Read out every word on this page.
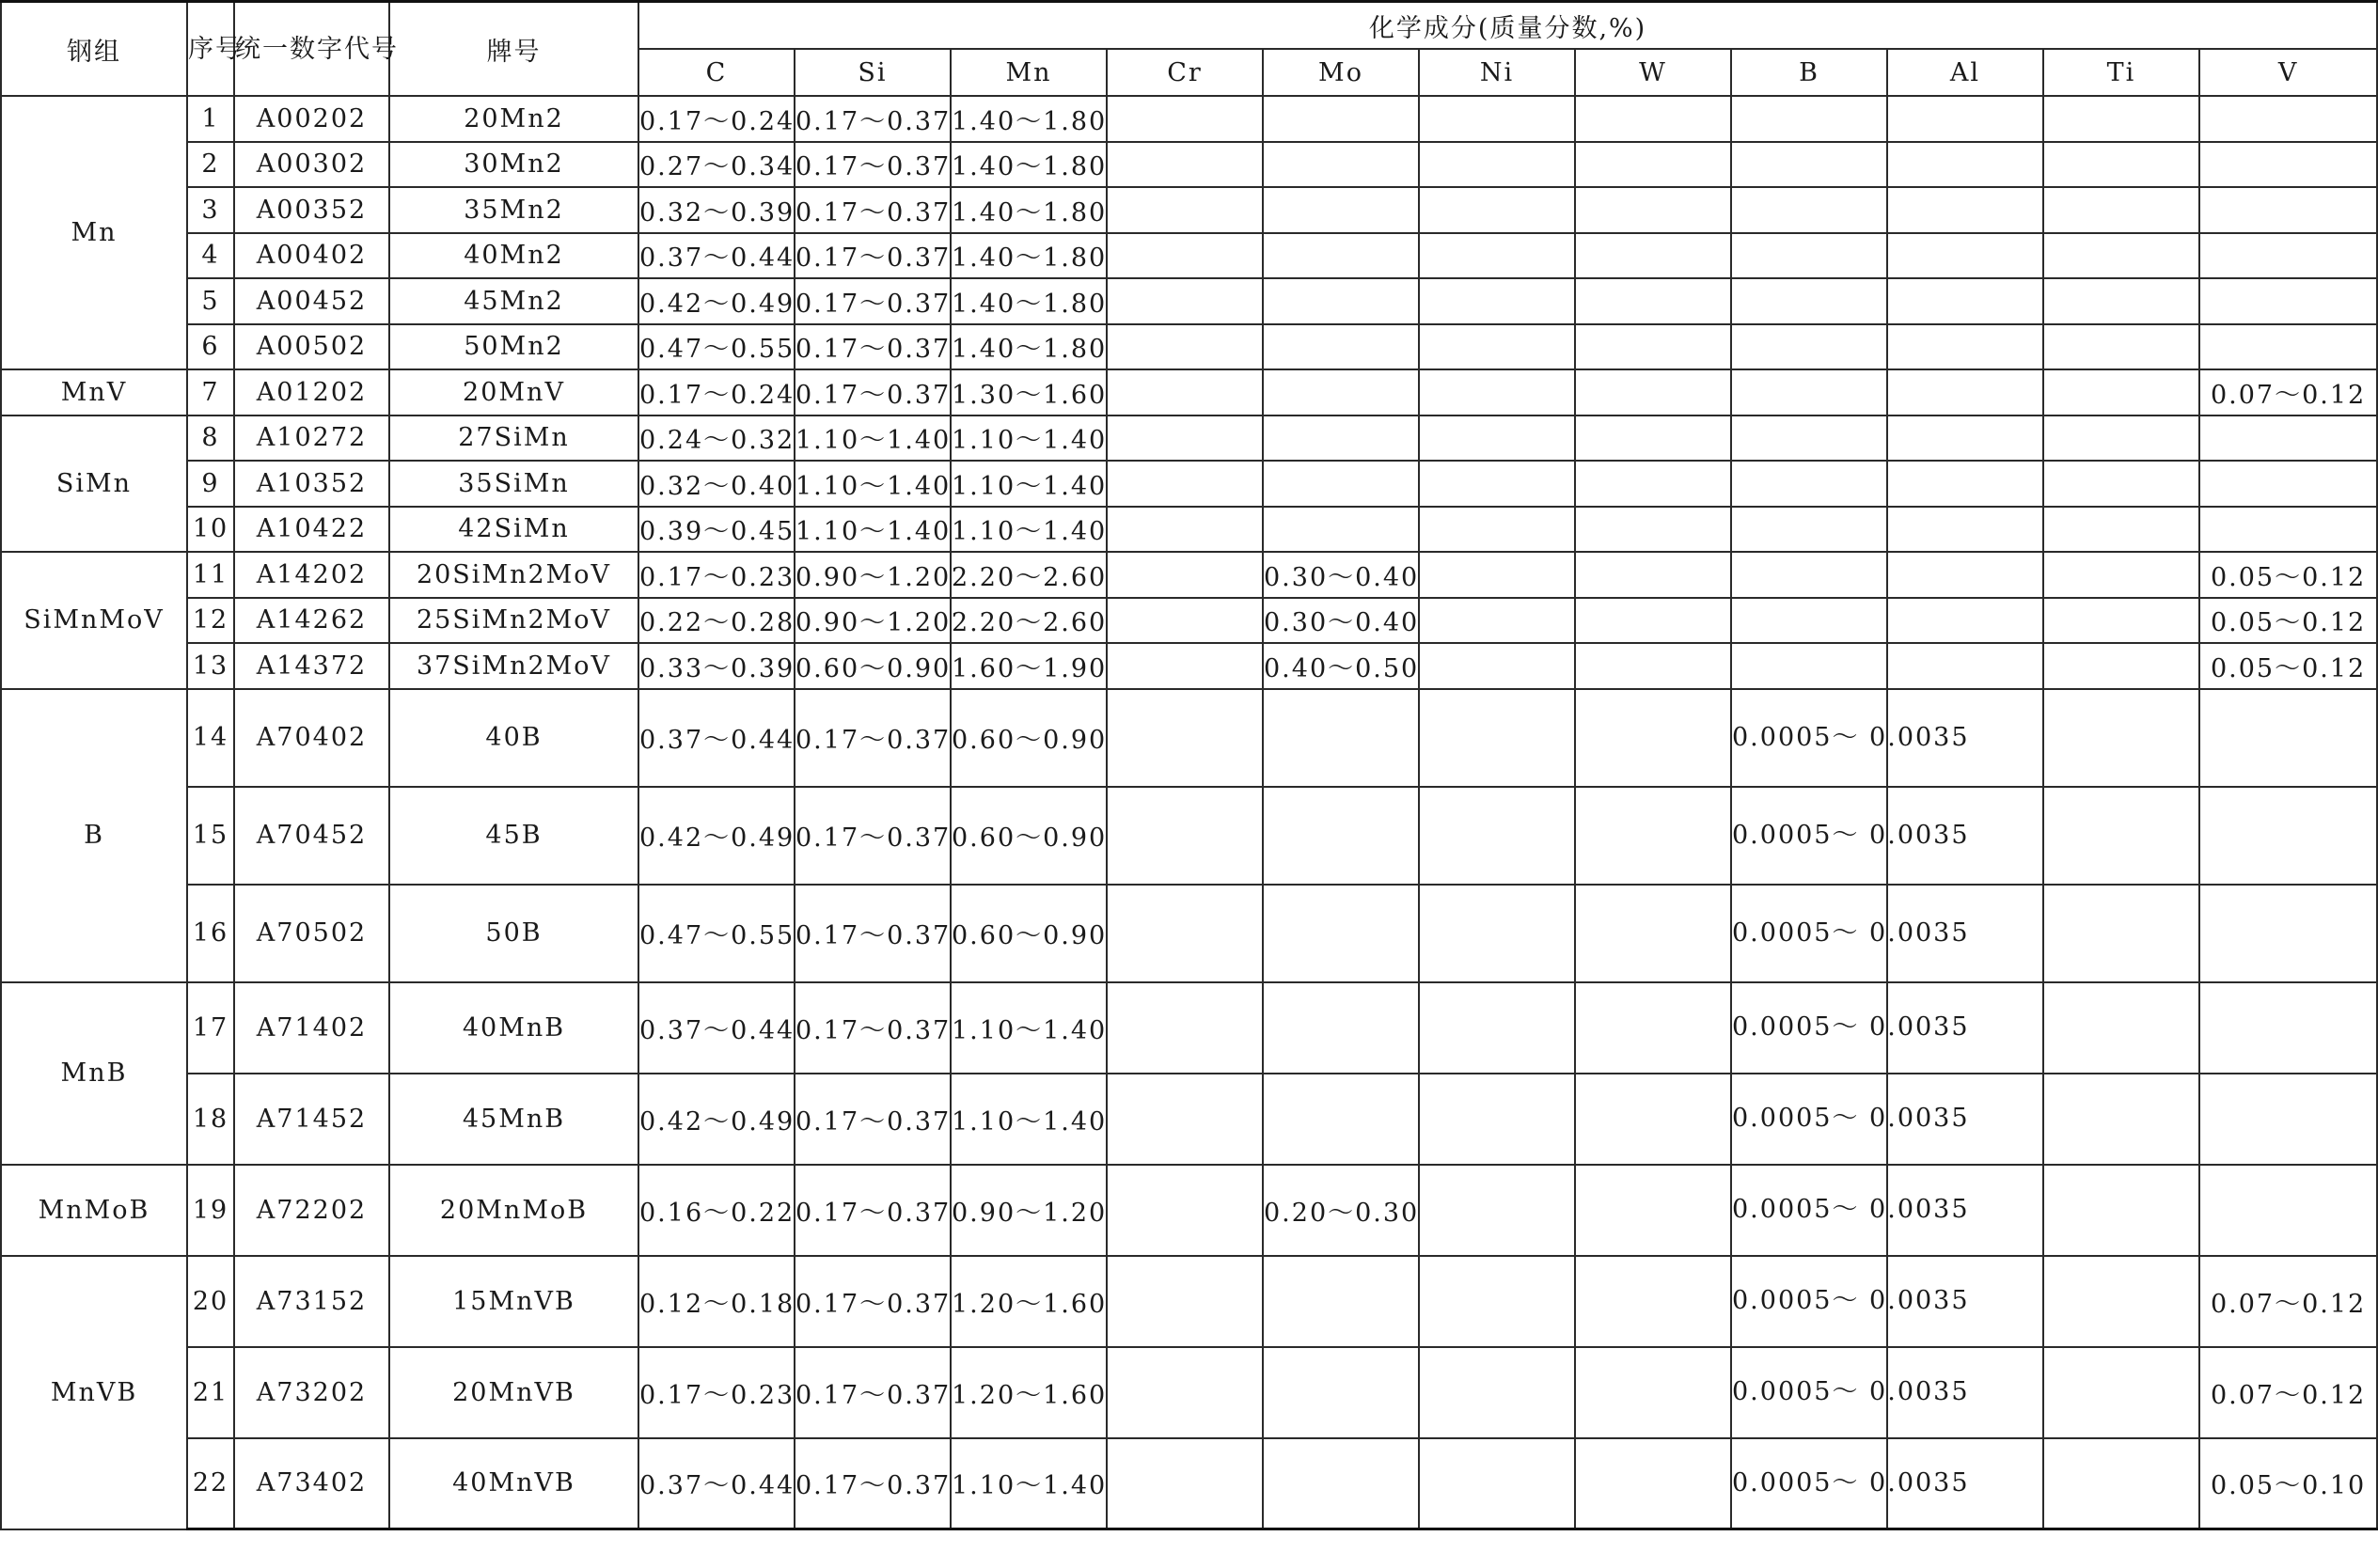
钢组	序号	统一数字代号	牌号	化学成分(质量分数,%)										
				C	Si	Mn	Cr	Mo	Ni	W	B	Al	Ti	V
Mn	1	A00202	20Mn2	0.17～0.24	0.17～0.37	1.40～1.80								
	2	A00302	30Mn2	0.27～0.34	0.17～0.37	1.40～1.80								
	3	A00352	35Mn2	0.32～0.39	0.17～0.37	1.40～1.80								
	4	A00402	40Mn2	0.37～0.44	0.17～0.37	1.40～1.80								
	5	A00452	45Mn2	0.42～0.49	0.17～0.37	1.40～1.80								
	6	A00502	50Mn2	0.47～0.55	0.17～0.37	1.40～1.80								
MnV	7	A01202	20MnV	0.17～0.24	0.17～0.37	1.30～1.60								0.07～0.12
SiMn	8	A10272	27SiMn	0.24～0.32	1.10～1.40	1.10～1.40								
	9	A10352	35SiMn	0.32～0.40	1.10～1.40	1.10～1.40								
	10	A10422	42SiMn	0.39～0.45	1.10～1.40	1.10～1.40								
SiMnMoV	11	A14202	20SiMn2MoV	0.17～0.23	0.90～1.20	2.20～2.60		0.30～0.40						0.05～0.12
	12	A14262	25SiMn2MoV	0.22～0.28	0.90～1.20	2.20～2.60		0.30～0.40						0.05～0.12
	13	A14372	37SiMn2MoV	0.33～0.39	0.60～0.90	1.60～1.90		0.40～0.50						0.05～0.12
B	14	A70402	40B	0.37～0.44	0.17～0.37	0.60～0.90					0.0005～ 0.0035			
	15	A70452	45B	0.42～0.49	0.17～0.37	0.60～0.90					0.0005～ 0.0035			
	16	A70502	50B	0.47～0.55	0.17～0.37	0.60～0.90					0.0005～ 0.0035			
MnB	17	A71402	40MnB	0.37～0.44	0.17～0.37	1.10～1.40					0.0005～ 0.0035			
	18	A71452	45MnB	0.42～0.49	0.17～0.37	1.10～1.40					0.0005～ 0.0035			
MnMoB	19	A72202	20MnMoB	0.16～0.22	0.17～0.37	0.90～1.20		0.20～0.30			0.0005～ 0.0035			
MnVB	20	A73152	15MnVB	0.12～0.18	0.17～0.37	1.20～1.60					0.0005～ 0.0035			0.07～0.12
	21	A73202	20MnVB	0.17～0.23	0.17～0.37	1.20～1.60					0.0005～ 0.0035			0.07～0.12
	22	A73402	40MnVB	0.37～0.44	0.17～0.37	1.10～1.40					0.0005～ 0.0035			0.05～0.10
